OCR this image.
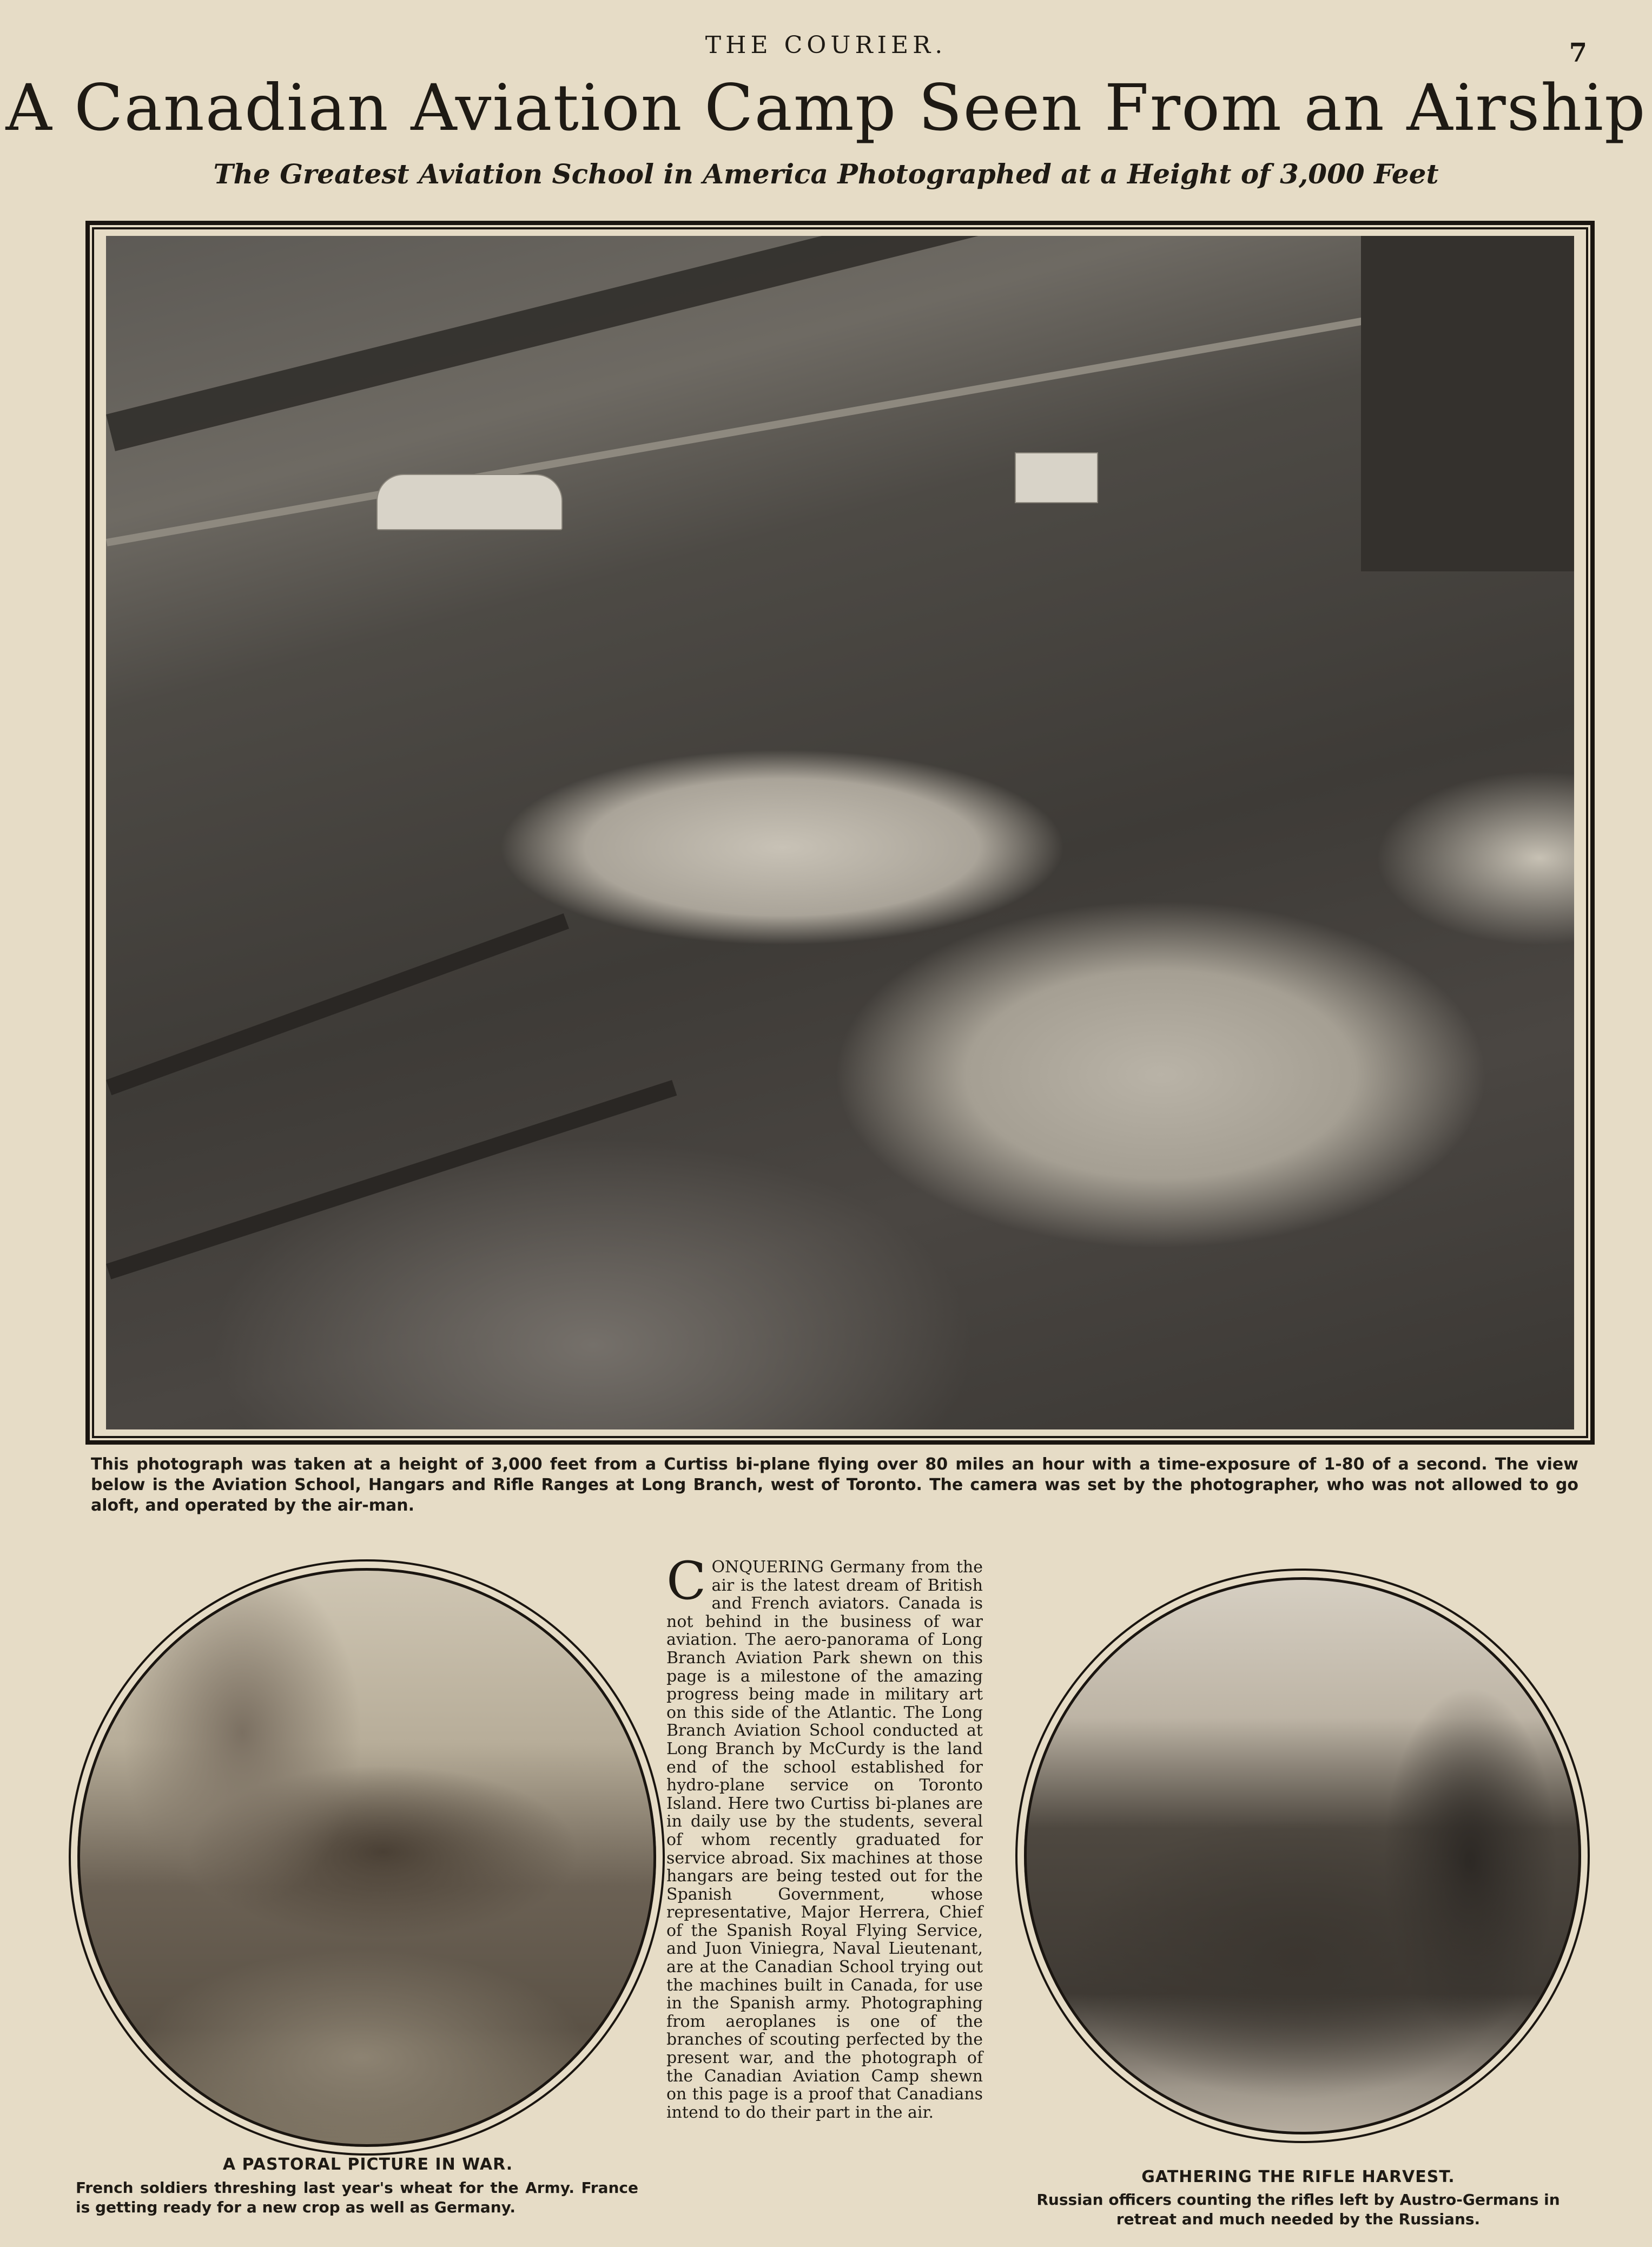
THE COURIER.	7
A Canadian Aviation Camp Seen From an Airship
The Greatest Aviation School in America Photographed at a Height of 3,000 Feet
This photograph was taken at a height of 3,000 feet from a Curtiss bi-plane flying over 80 miles an hour with a time-exposure of 1-80 of a second. The view below is the Aviation School, Hangars and Rifle Ranges at Long Branch, west of Toronto. The camera was set by the photographer, who was not allowed to go aloft, and operated by the air-man.
A PASTORAL PICTURE IN WAR.
French soldiers threshing last year's wheat for the Army. France is getting ready for a new crop as well as Germany.
CONQUERING Germany from the air is the latest dream of British and French aviators. Canada is not behind in the business of war aviation. The aero-panorama of Long Branch Aviation Park shewn on this page is a milestone of the amazing progress being made in military art on this side of the Atlantic. The Long Branch Aviation School conducted at Long Branch by McCurdy is the land end of the school established for hydro-plane service on Toronto Island. Here two Curtiss bi-planes are in daily use by the students, several of whom recently graduated for service abroad. Six machines at those hangars are being tested out for the Spanish Government, whose representative, Major Herrera, Chief of the Spanish Royal Flying Service, and Juon Viniegra, Naval Lieutenant, are at the Canadian School trying out the machines built in Canada, for use in the Spanish army. Photographing from aeroplanes is one of the branches of scouting perfected by the present war, and the photograph of the Canadian Aviation Camp shewn on this page is a proof that Canadians intend to do their part in the air.
GATHERING THE RIFLE HARVEST.
Russian officers counting the rifles left by Austro-Germans in retreat and much needed by the Russians.
